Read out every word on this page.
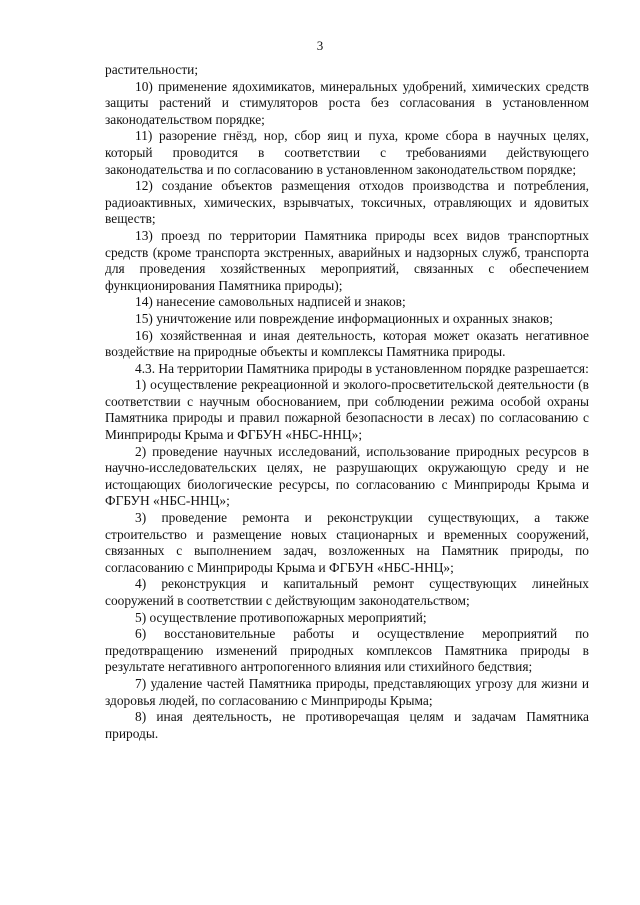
3

растительности;

10) применение ядохимикатов, минеральных удобрений, химических средств защиты растений и стимуляторов роста без согласования в установленном законодательством порядке;

11) разорение гнёзд, нор, сбор яиц и пуха, кроме сбора в научных целях, который проводится в соответствии с требованиями действующего законодательства и по согласованию в установленном законодательством порядке;

12) создание объектов размещения отходов производства и потребления, радиоактивных, химических, взрывчатых, токсичных, отравляющих и ядовитых веществ;

13) проезд по территории Памятника природы всех видов транспортных средств (кроме транспорта экстренных, аварийных и надзорных служб, транспорта для проведения хозяйственных мероприятий, связанных с обеспечением функционирования Памятника природы);

14) нанесение самовольных надписей и знаков;

15) уничтожение или повреждение информационных и охранных знаков;

16) хозяйственная и иная деятельность, которая может оказать негативное воздействие на природные объекты и комплексы Памятника природы.

4.3. На территории Памятника природы в установленном порядке разрешается:

1) осуществление рекреационной и эколого-просветительской деятельности (в соответствии с научным обоснованием, при соблюдении режима особой охраны Памятника природы и правил пожарной безопасности в лесах) по согласованию с Минприроды Крыма и ФГБУН «НБС-ННЦ»;

2) проведение научных исследований, использование природных ресурсов в научно-исследовательских целях, не разрушающих окружающую среду и не истощающих биологические ресурсы, по согласованию с Минприроды Крыма и ФГБУН «НБС-ННЦ»;

3) проведение ремонта и реконструкции существующих, а также строительство и размещение новых стационарных и временных сооружений, связанных с выполнением задач, возложенных на Памятник природы, по согласованию с Минприроды Крыма и ФГБУН «НБС-ННЦ»;

4) реконструкция и капитальный ремонт существующих линейных сооружений в соответствии с действующим законодательством;

5) осуществление противопожарных мероприятий;

6) восстановительные работы и осуществление мероприятий по предотвращению изменений природных комплексов Памятника природы в результате негативного антропогенного влияния или стихийного бедствия;

7) удаление частей Памятника природы, представляющих угрозу для жизни и здоровья людей, по согласованию с Минприроды Крыма;

8) иная деятельность, не противоречащая целям и задачам Памятника природы.
